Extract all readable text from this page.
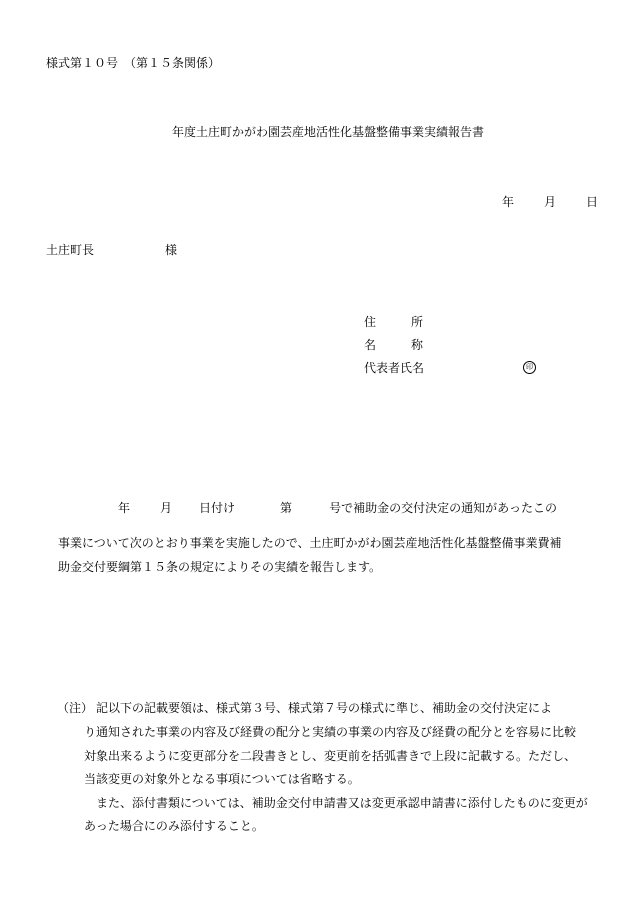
様式第１０号　（第１５条関係）

年度土庄町かがわ園芸産地活性化基盤整備事業実績報告書

年	月	日
土庄町長	様
住	所
名	称
代表者氏名	印
年	月 日付け	第	号で補助金の交付決定の通知があったこの

事業について次のとおり事業を実施したので、土庄町かがわ園芸産地活性化基盤整備事業費補

助金交付要綱第１５条の規定によりその実績を報告します。

（注） 記以下の記載要領は、様式第３号、様式第７号の様式に準じ、補助金の交付決定によ

り通知された事業の内容及び経費の配分と実績の事業の内容及び経費の配分とを容易に比較

対象出来るように変更部分を二段書きとし、変更前を括弧書きで上段に記載する。ただし、

当該変更の対象外となる事項については省略する。

また、添付書類については、補助金交付申請書又は変更承認申請書に添付したものに変更が

あった場合にのみ添付すること。
